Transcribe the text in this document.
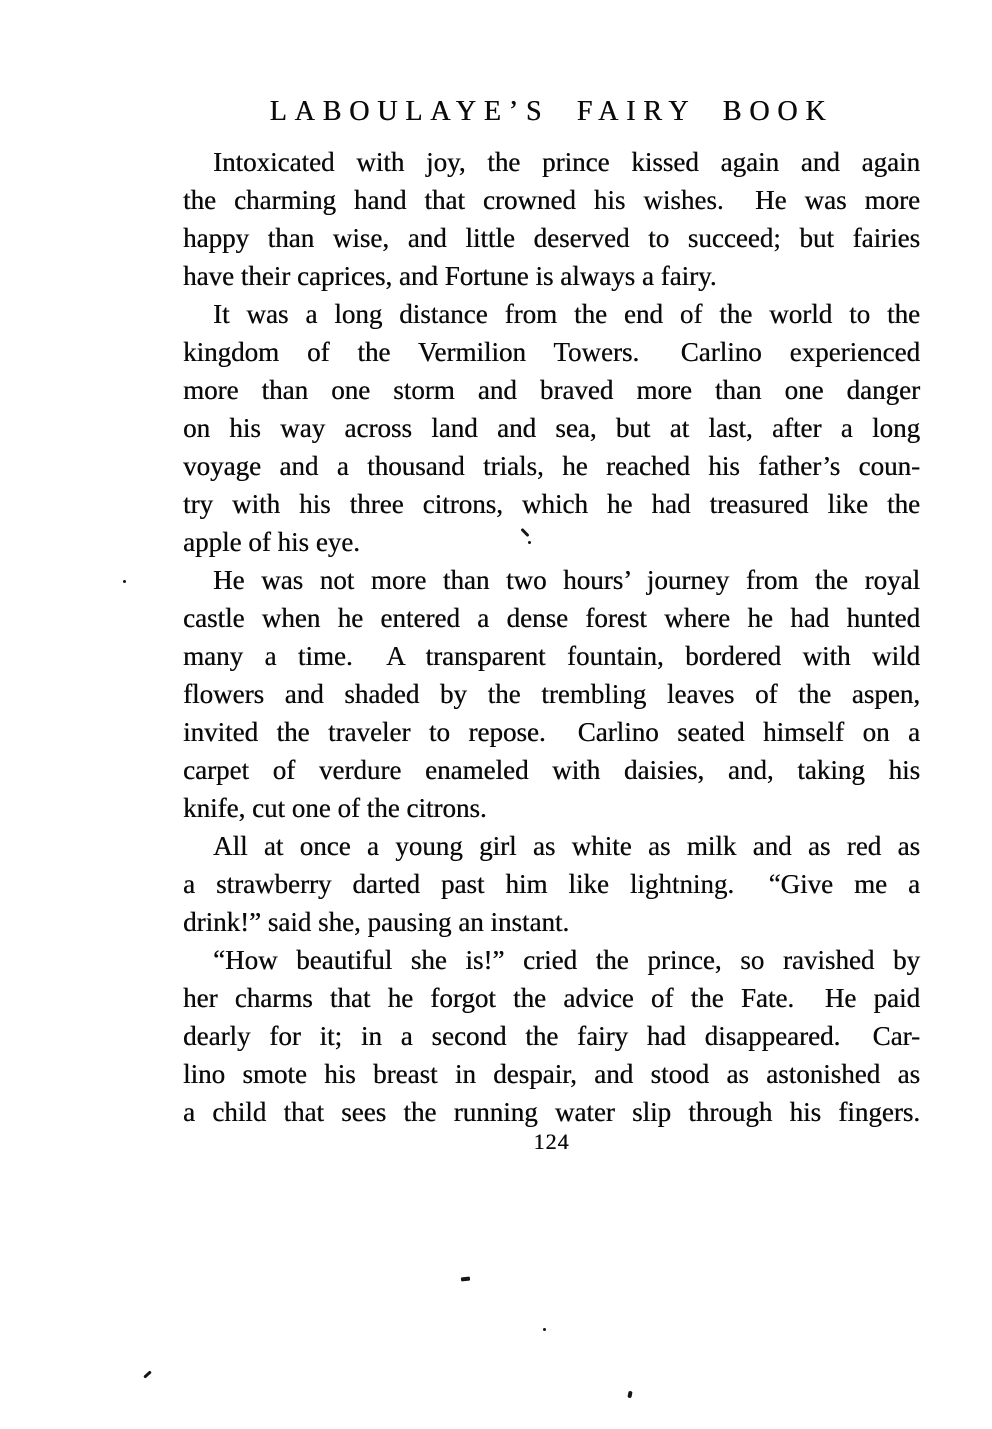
LABOULAYE’S FAIRY BOOK
Intoxicated with joy, the prince kissed again and again
the charming hand that crowned his wishes.  He was more
happy than wise, and little deserved to succeed; but fairies
have their caprices, and Fortune is always a fairy.
It was a long distance from the end of the world to the
kingdom of the Vermilion Towers.  Carlino experienced
more than one storm and braved more than one danger
on his way across land and sea, but at last, after a long
voyage and a thousand trials, he reached his father’s coun-
try with his three citrons, which he had treasured like the
apple of his eye.
He was not more than two hours’ journey from the royal
castle when he entered a dense forest where he had hunted
many a time.  A transparent fountain, bordered with wild
flowers and shaded by the trembling leaves of the aspen,
invited the traveler to repose.  Carlino seated himself on a
carpet of verdure enameled with daisies, and, taking his
knife, cut one of the citrons.
All at once a young girl as white as milk and as red as
a strawberry darted past him like lightning.  “Give me a
drink!” said she, pausing an instant.
“How beautiful she is!” cried the prince, so ravished by
her charms that he forgot the advice of the Fate.  He paid
dearly for it; in a second the fairy had disappeared.  Car-
lino smote his breast in despair, and stood as astonished as
a child that sees the running water slip through his fingers.
124
